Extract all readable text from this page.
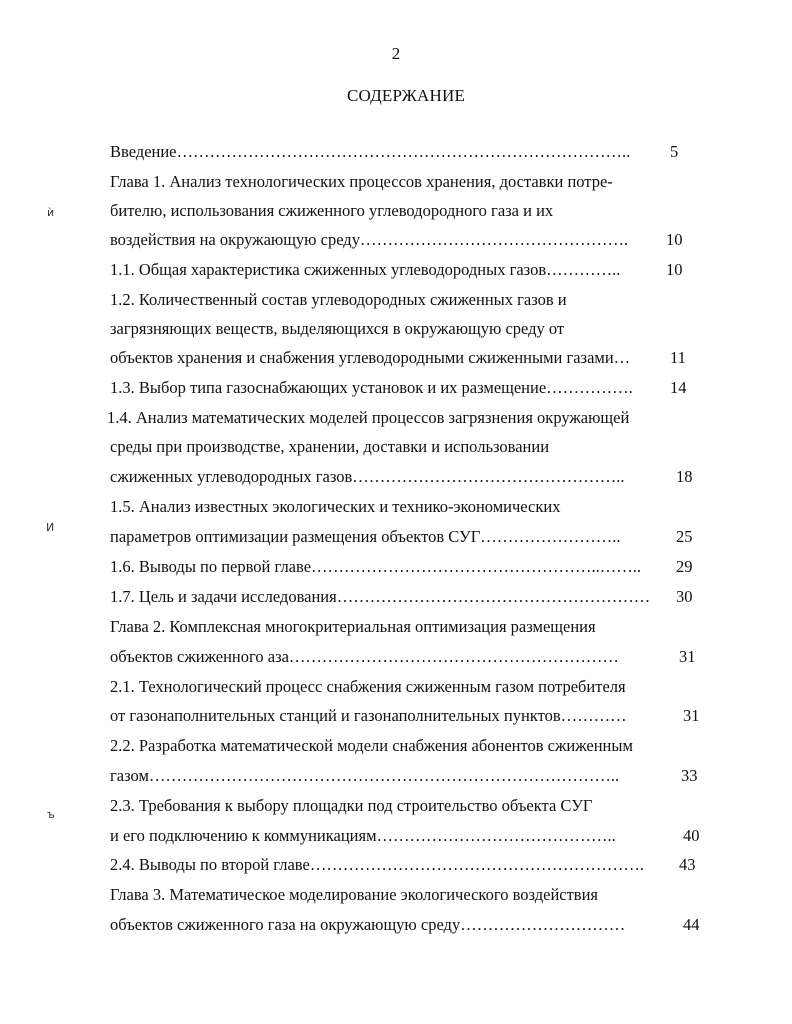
2
СОДЕРЖАНИЕ
ѝ
И
ъ
Введение……………………………………………………………………….. 5
Глава 1. Анализ технологических процессов хранения, доставки потре-
бителю, использования сжиженного углеводородного газа и их
воздействия на окружающую среду…………………………………………. 10
1.1. Общая характеристика сжиженных углеводородных газов…………..	10
1.2. Количественный состав углеводородных сжиженных газов и
загрязняющих веществ, выделяющихся в окружающую среду от
объектов хранения и снабжения углеводородными сжиженными газами… 11
1.3. Выбор типа газоснабжающих установок и их размещение……………. 14
1.4. Анализ математических моделей процессов загрязнения окружающей
среды при производстве, хранении, доставки и использовании
сжиженных углеводородных газов…………………………………………..	18
1.5. Анализ известных экологических и технико-экономических
параметров оптимизации размещения объектов СУГ……………………..	25
1.6. Выводы по первой главе……………………………………………..…….. 29
1.7. Цель и задачи исследования………………………………………………… 30
Глава 2. Комплексная многокритериальная оптимизация размещения
объектов сжиженного аза……………………………………………………	31
2.1. Технологический процесс снабжения сжиженным газом потребителя
от газонаполнительных станций и газонаполнительных пунктов…………	31
2.2. Разработка математической модели снабжения абонентов сжиженным
газом…………………………………………………………………………..	33
2.3. Требования к выбору площадки под строительство объекта СУГ
и его подключению к коммуникациям……………………………………..	40
2.4. Выводы по второй главе……………………………………………………. 43
Глава 3. Математическое моделирование экологического воздействия
объектов сжиженного газа на окружающую среду…………………………	44
